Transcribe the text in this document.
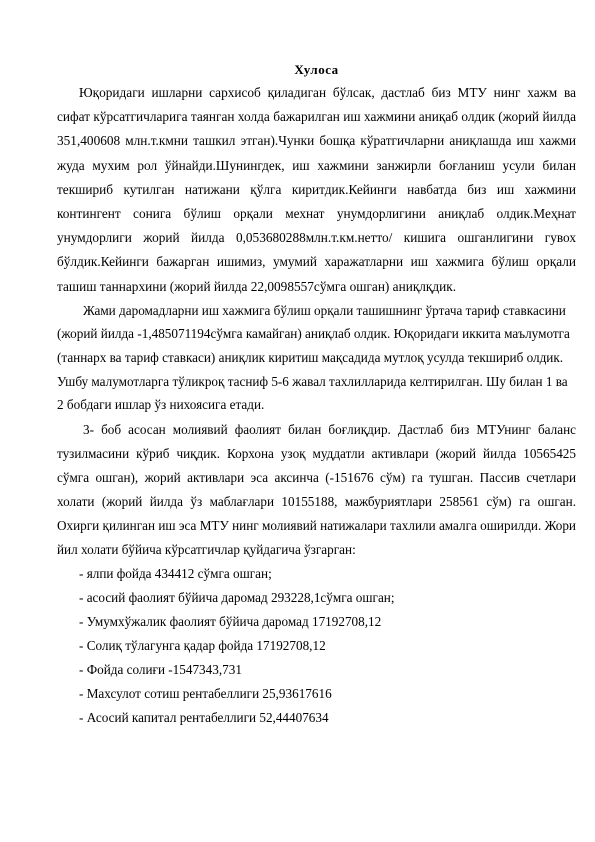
Хулоса

Юқоридаги ишларни сархисоб қиладиган бўлсак, дастлаб биз МТУ нинг хажм ва сифат кўрсатгичларига таянган холда бажарилган иш хажмини аниқаб олдик (жорий йилда 351,400608 млн.т.кмни ташкил этган).Чунки бошқа кўратгичларни аниқлашда иш хажми жуда мухим рол ўйнайди.Шунингдек, иш хажмини занжирли боғланиш усули билан текшириб кутилган натижани қўлга киритдик.Кейинги навбатда биз иш хажмини контингент сонига бўлиш орқали мехнат унумдорлигини аниқлаб олдик.Меҳнат унумдорлиги жорий йилда 0,053680288млн.т.км.нетто/ кишига ошганлигини гувох бўлдик.Кейинги бажарган ишимиз, умумий харажатларни иш хажмига бўлиш орқали ташиш таннархини (жорий йилда 22,0098557сўмга ошган) аниқлқдик.

Жами даромадларни иш хажмига бўлиш орқали ташишнинг ўртача тариф ставкасини (жорий йилда -1,485071194сўмга камайган) аниқлаб олдик. Юқоридаги иккита маълумотга (таннарх ва тариф ставкаси) аниқлик киритиш мақсадида мутлоқ усулда текшириб олдик. Ушбу малумотларга тўликроқ тасниф 5-6 жавал тахлилларида келтирилган. Шу билан 1 ва 2 бобдаги ишлар ўз нихоясига етади.

3- боб асосан молиявий фаолият билан боғлиқдир. Дастлаб биз МТУнинг баланс тузилмасини кўриб чиқдик. Корхона узоқ муддатли активлари (жорий йилда 10565425 сўмга ошган), жорий активлари эса аксинча (-151676 сўм) га тушган. Пассив счетлари холати (жорий йилда ўз маблағлари 10155188, мажбуриятлари 258561 сўм) га ошган. Охирги қилинган иш эса МТУ нинг молиявий натижалари тахлили амалга оширилди. Жори йил холати бўйича кўрсатгичлар қуйдагича ўзгарган:

- ялпи фойда 434412 сўмга ошган;
- асосий фаолият бўйича даромад 293228,1сўмга ошган;
- Умумхўжалик фаолият бўйича даромад 17192708,12
- Солиқ тўлагунга қадар фойда 17192708,12
- Фойда солиғи -1547343,731
- Махсулот сотиш рентабеллиги 25,93617616
- Асосий капитал рентабеллиги 52,44407634
